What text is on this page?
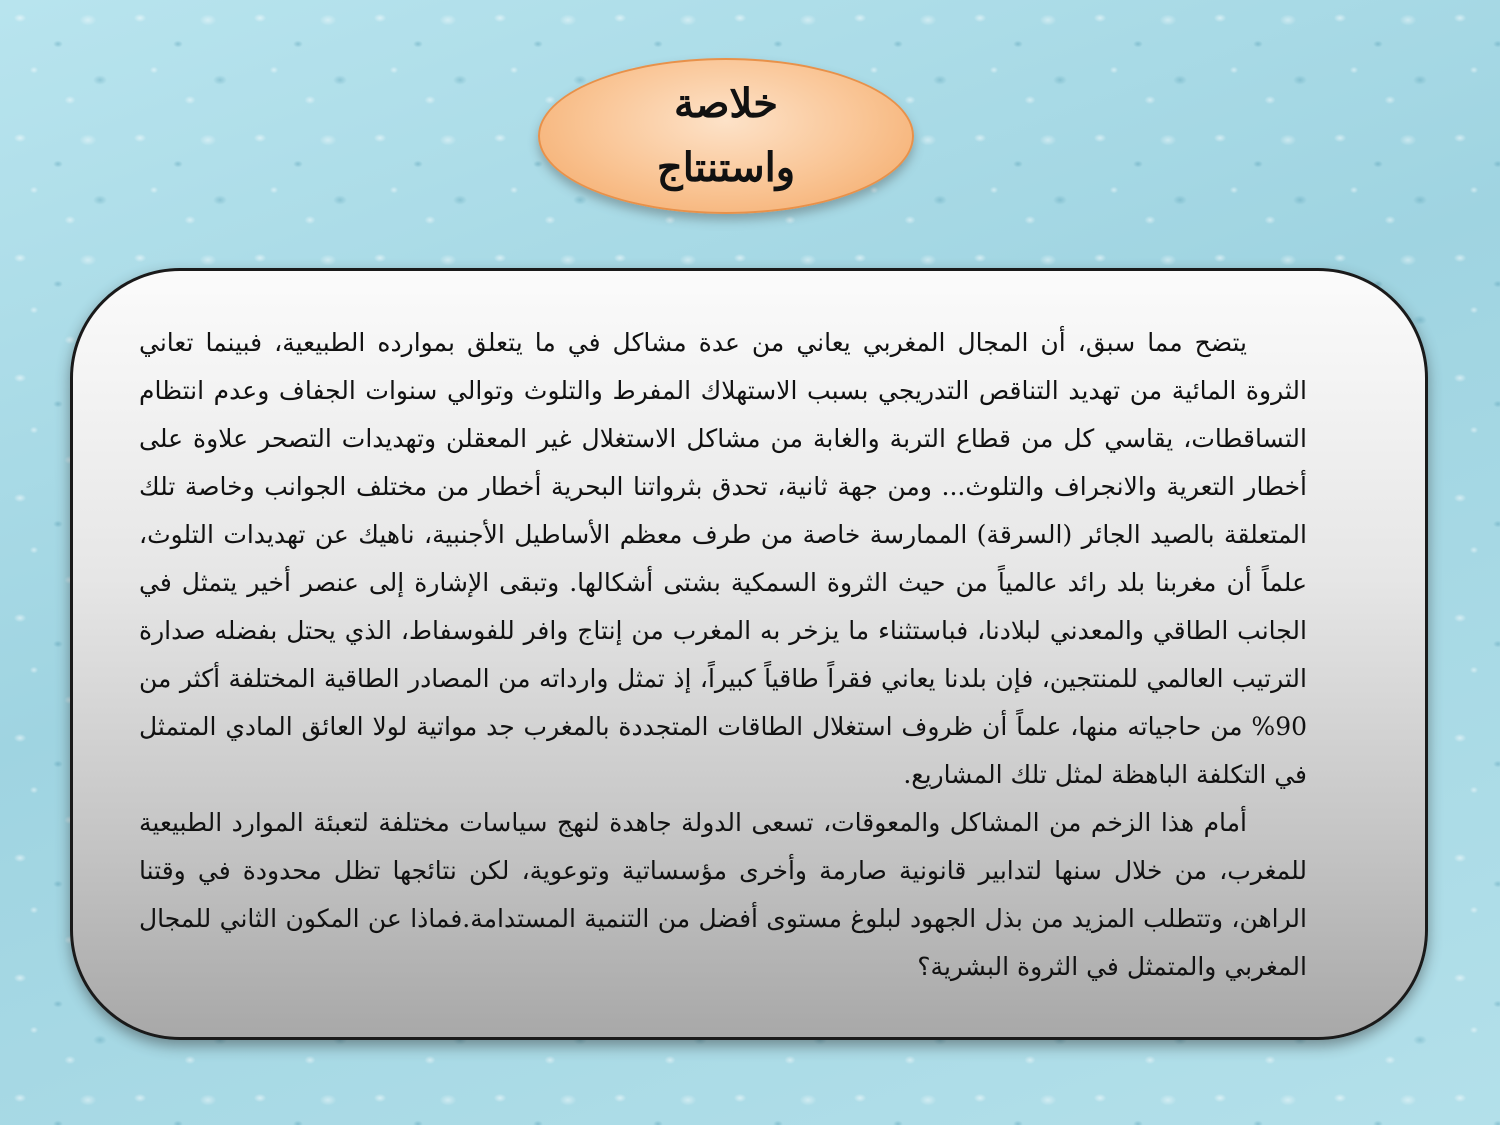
خلاصة
واستنتاج

يتضح مما سبق، أن المجال المغربي يعاني من عدة مشاكل في ما يتعلق بموارده الطبيعية، فبينما تعاني الثروة المائية من تهديد التناقص التدريجي بسبب الاستهلاك المفرط والتلوث وتوالي سنوات الجفاف وعدم انتظام التساقطات، يقاسي كل من قطاع التربة والغابة من مشاكل الاستغلال غير المعقلن وتهديدات التصحر علاوة على أخطار التعرية والانجراف والتلوث... ومن جهة ثانية، تحدق بثرواتنا البحرية أخطار من مختلف الجوانب وخاصة تلك المتعلقة بالصيد الجائر (السرقة) الممارسة خاصة من طرف معظم الأساطيل الأجنبية، ناهيك عن تهديدات التلوث، علماً أن مغربنا بلد رائد عالمياً من حيث الثروة السمكية بشتى أشكالها. وتبقى الإشارة إلى عنصر أخير يتمثل في الجانب الطاقي والمعدني لبلادنا، فباستثناء ما يزخر به المغرب من إنتاج وافر للفوسفاط، الذي يحتل بفضله صدارة الترتيب العالمي للمنتجين، فإن بلدنا يعاني فقراً طاقياً كبيراً، إذ تمثل وارداته من المصادر الطاقية المختلفة أكثر من 90% من حاجياته منها، علماً أن ظروف استغلال الطاقات المتجددة بالمغرب جد مواتية لولا العائق المادي المتمثل في التكلفة الباهظة لمثل تلك المشاريع.

أمام هذا الزخم من المشاكل والمعوقات، تسعى الدولة جاهدة لنهج سياسات مختلفة لتعبئة الموارد الطبيعية للمغرب، من خلال سنها لتدابير قانونية صارمة وأخرى مؤسساتية وتوعوية، لكن نتائجها تظل محدودة في وقتنا الراهن، وتتطلب المزيد من بذل الجهود لبلوغ مستوى أفضل من التنمية المستدامة.فماذا عن المكون الثاني للمجال المغربي والمتمثل في الثروة البشرية؟
